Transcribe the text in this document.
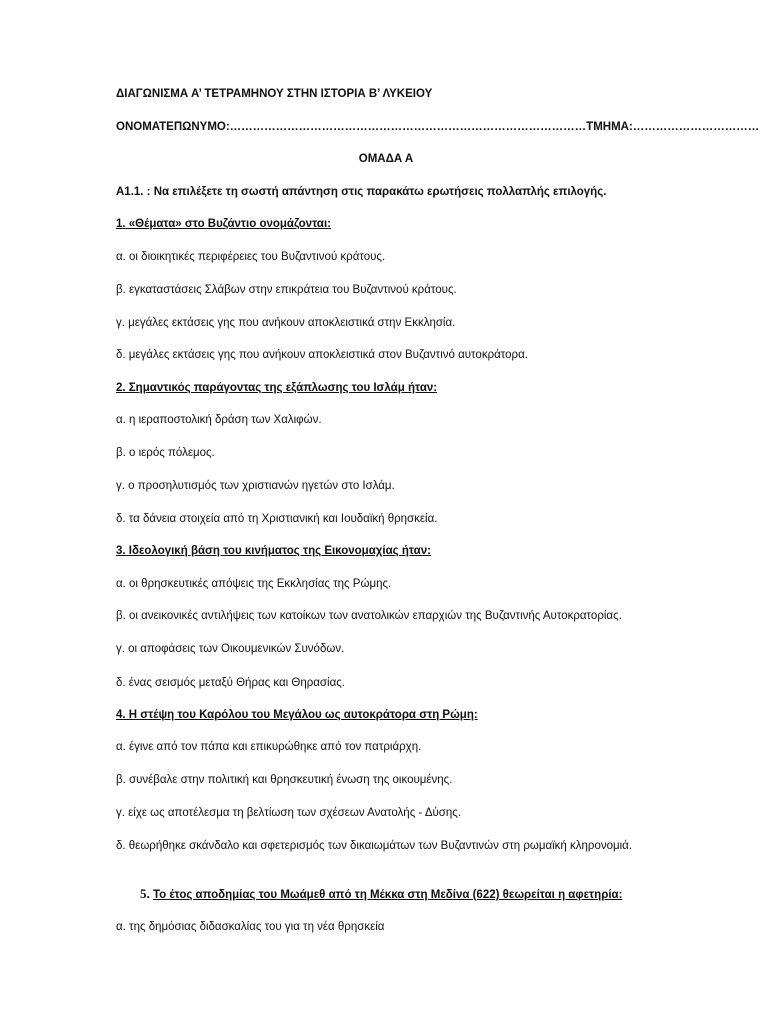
ΔΙΑΓΩΝΙΣΜΑ Α’ ΤΕΤΡΑΜΗΝΟΥ ΣΤΗΝ ΙΣΤΟΡΙΑ Β’ ΛΥΚΕΙΟΥ
ΟΝΟΜΑΤΕΠΩΝΥΜΟ:…………………………………………………………………………………ΤΜΗΜΑ:……………………………
ΟΜΑΔΑ Α
Α1.1. : Να επιλέξετε τη σωστή απάντηση στις παρακάτω ερωτήσεις πολλαπλής επιλογής.
1. «Θέματα» στο Βυζάντιο ονομάζονται:
α. οι διοικητικές περιφέρειες του Βυζαντινού κράτους.
β. εγκαταστάσεις Σλάβων στην επικράτεια του Βυζαντινού κράτους.
γ. μεγάλες εκτάσεις γης που ανήκουν αποκλειστικά στην Εκκλησία.
δ. μεγάλες εκτάσεις γης που ανήκουν αποκλειστικά στον Βυζαντινό αυτοκράτορα.
2. Σημαντικός παράγοντας της εξάπλωσης του Ισλάμ ήταν:
α. η ιεραποστολική δράση των Χαλιφών.
β. ο ιερός πόλεμος.
γ. ο προσηλυτισμός των χριστιανών ηγετών στο Ισλάμ.
δ. τα δάνεια στοιχεία από τη Χριστιανική και Ιουδαϊκή θρησκεία.
3. Ιδεολογική βάση του κινήματος της Εικονομαχίας ήταν:
α. οι θρησκευτικές απόψεις της Εκκλησίας της Ρώμης.
β. οι ανεικονικές αντιλήψεις των κατοίκων των ανατολικών επαρχιών της Βυζαντινής Αυτοκρατορίας.
γ. οι αποφάσεις των Οικουμενικών Συνόδων.
δ. ένας σεισμός μεταξύ Θήρας και Θηρασίας.
4. Η στέψη του Καρόλου του Μεγάλου ως αυτοκράτορα στη Ρώμη:
α. έγινε από τον πάπα και επικυρώθηκε από τον πατριάρχη.
β. συνέβαλε στην πολιτική και θρησκευτική ένωση της οικουμένης.
γ. είχε ως αποτέλεσμα τη βελτίωση των σχέσεων Ανατολής - Δύσης.
δ. θεωρήθηκε σκάνδαλο και σφετερισμός των δικαιωμάτων των Βυζαντινών στη ρωμαϊκή κληρονομιά.
5. Το έτος αποδημίας του Μωάμεθ από τη Μέκκα στη Μεδίνα (622) θεωρείται η αφετηρία:
α. της δημόσιας διδασκαλίας του για τη νέα θρησκεία
